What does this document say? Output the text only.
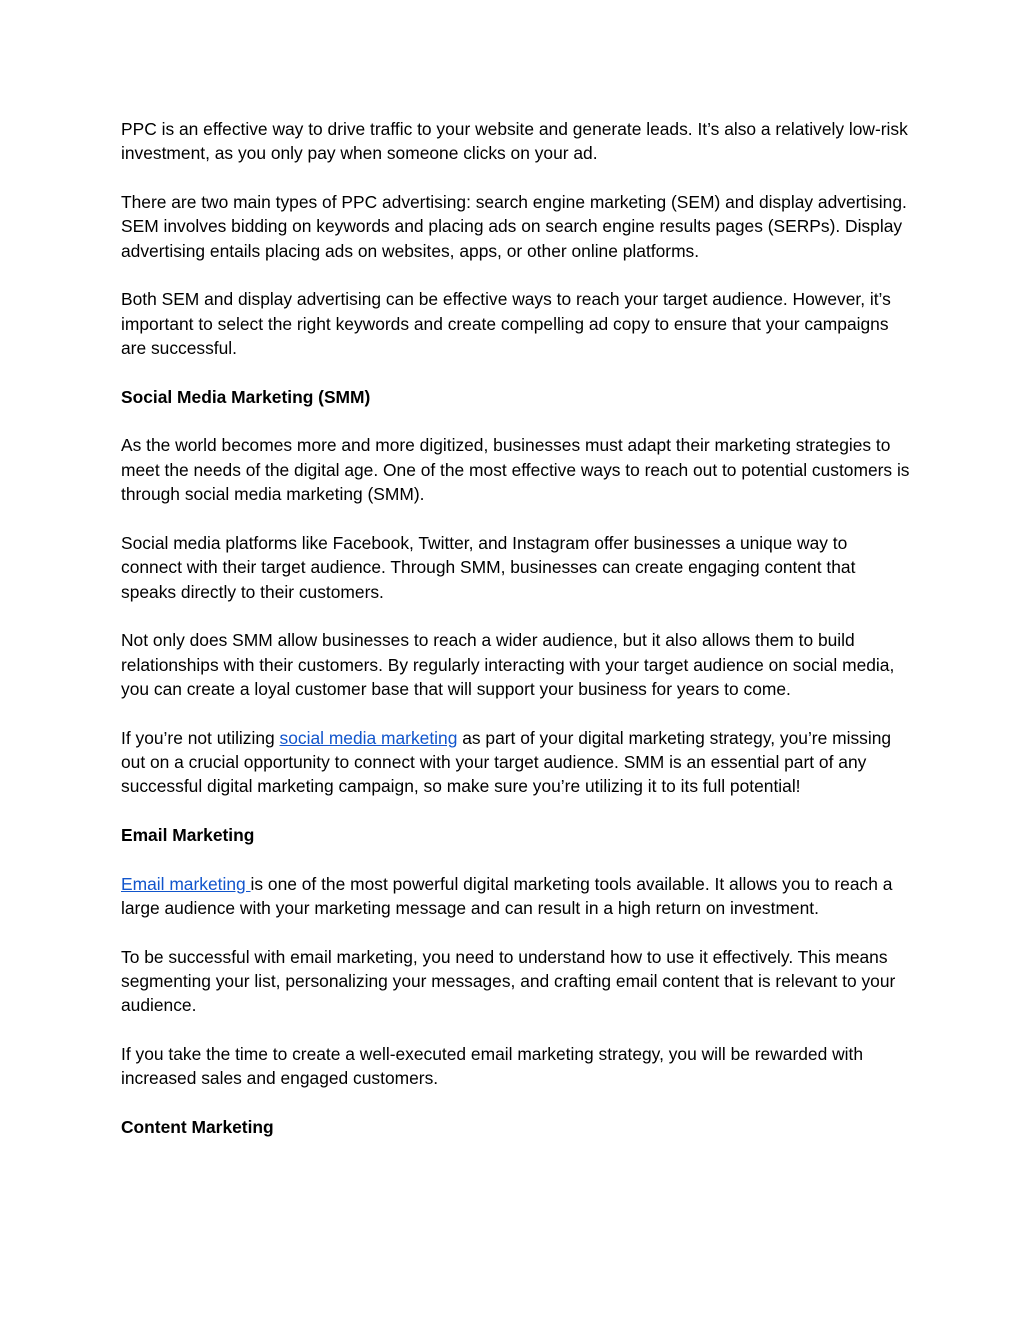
PPC is an effective way to drive traffic to your website and generate leads. It’s also a relatively low-risk investment, as you only pay when someone clicks on your ad.

There are two main types of PPC advertising: search engine marketing (SEM) and display advertising. SEM involves bidding on keywords and placing ads on search engine results pages (SERPs). Display advertising entails placing ads on websites, apps, or other online platforms.

Both SEM and display advertising can be effective ways to reach your target audience. However, it’s important to select the right keywords and create compelling ad copy to ensure that your campaigns are successful.

Social Media Marketing (SMM)

As the world becomes more and more digitized, businesses must adapt their marketing strategies to meet the needs of the digital age. One of the most effective ways to reach out to potential customers is through social media marketing (SMM).

Social media platforms like Facebook, Twitter, and Instagram offer businesses a unique way to connect with their target audience. Through SMM, businesses can create engaging content that speaks directly to their customers.

Not only does SMM allow businesses to reach a wider audience, but it also allows them to build relationships with their customers. By regularly interacting with your target audience on social media, you can create a loyal customer base that will support your business for years to come.

If you’re not utilizing social media marketing as part of your digital marketing strategy, you’re missing out on a crucial opportunity to connect with your target audience. SMM is an essential part of any successful digital marketing campaign, so make sure you’re utilizing it to its full potential!

Email Marketing

Email marketing is one of the most powerful digital marketing tools available. It allows you to reach a large audience with your marketing message and can result in a high return on investment.

To be successful with email marketing, you need to understand how to use it effectively. This means segmenting your list, personalizing your messages, and crafting email content that is relevant to your audience.

If you take the time to create a well-executed email marketing strategy, you will be rewarded with increased sales and engaged customers.

Content Marketing
